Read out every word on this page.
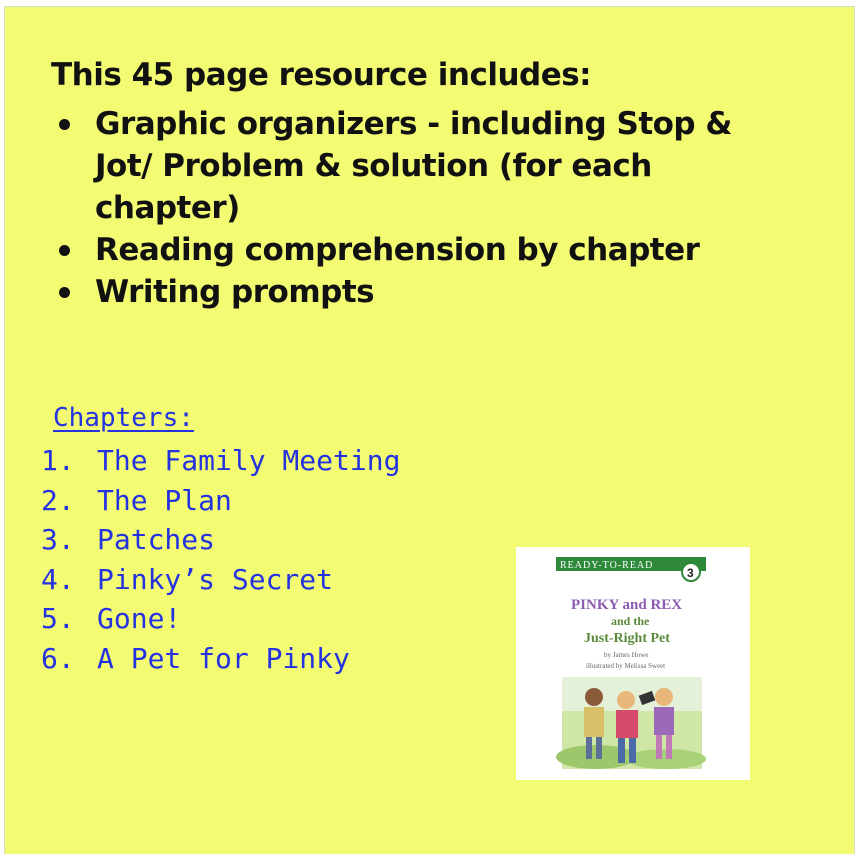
This 45 page resource includes:
Graphic organizers - including Stop & Jot/ Problem & solution (for each chapter)
Reading comprehension by chapter
Writing prompts
Chapters:
1. The Family Meeting
2. The Plan
3. Patches
4. Pinky’s Secret
5. Gone!
6. A Pet for Pinky
READY-TO-READ
3
PINKY and REX
and the
Just-Right Pet
by James Howe
illustrated by Melissa Sweet
